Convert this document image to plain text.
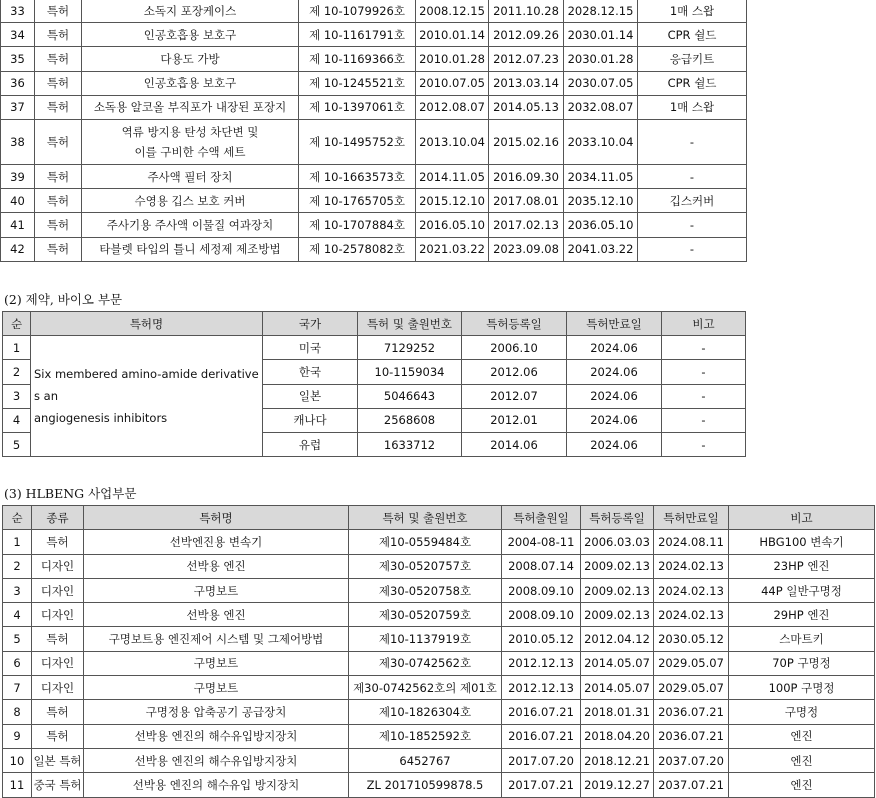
33	특허	소독지 포장케이스	제 10-1079926호	2008.12.15	2011.10.28	2028.12.15	1매 스왑
34	특허	인공호흡용 보호구	제 10-1161791호	2010.01.14	2012.09.26	2030.01.14	CPR 쉴드
35	특허	다용도 가방	제 10-1169366호	2010.01.28	2012.07.23	2030.01.28	응급키트
36	특허	인공호흡용 보호구	제 10-1245521호	2010.07.05	2013.03.14	2030.07.05	CPR 쉴드
37	특허	소독용 알코올 부직포가 내장된 포장지	제 10-1397061호	2012.08.07	2014.05.13	2032.08.07	1매 스왑
38	특허	역류 방지용 탄성 차단변 및
이를 구비한 수액 세트	제 10-1495752호	2013.10.04	2015.02.16	2033.10.04	-
39	특허	주사액 필터 장치	제 10-1663573호	2014.11.05	2016.09.30	2034.11.05	-
40	특허	수영용 깁스 보호 커버	제 10-1765705호	2015.12.10	2017.08.01	2035.12.10	깁스커버
41	특허	주사기용 주사액 이물질 여과장치	제 10-1707884호	2016.05.10	2017.02.13	2036.05.10	-
42	특허	타블렛 타입의 틀니 세정제 제조방법	제 10-2578082호	2021.03.22	2023.09.08	2041.03.22	-
(2) 제약, 바이오 부문
순	특허명	국가	특허 및 출원번호	특허등록일	특허만료일	비고
1	Six membered amino-amide derivative
s an
angiogenesis inhibitors	미국	7129252	2006.10	2024.06	-
2		한국	10-1159034	2012.06	2024.06	-
3		일본	5046643	2012.07	2024.06	-
4		캐나다	2568608	2012.01	2024.06	-
5		유럽	1633712	2014.06	2024.06	-
(3) HLBENG 사업부문
순	종류	특허명	특허 및 출원번호	특허출원일	특허등록일	특허만료일	비고
1	특허	선박엔진용 변속기	제10-0559484호	2004-08-11	2006.03.03	2024.08.11	HBG100 변속기
2	디자인	선박용 엔진	제30-0520757호	2008.07.14	2009.02.13	2024.02.13	23HP 엔진
3	디자인	구명보트	제30-0520758호	2008.09.10	2009.02.13	2024.02.13	44P 일반구명정
4	디자인	선박용 엔진	제30-0520759호	2008.09.10	2009.02.13	2024.02.13	29HP 엔진
5	특허	구명보트용 엔진제어 시스템 및 그제어방법	제10-1137919호	2010.05.12	2012.04.12	2030.05.12	스마트키
6	디자인	구명보트	제30-0742562호	2012.12.13	2014.05.07	2029.05.07	70P 구명정
7	디자인	구명보트	제30-0742562호의 제01호	2012.12.13	2014.05.07	2029.05.07	100P 구명정
8	특허	구명정용 압축공기 공급장치	제10-1826304호	2016.07.21	2018.01.31	2036.07.21	구명정
9	특허	선박용 엔진의 해수유입방지장치	제10-1852592호	2016.07.21	2018.04.20	2036.07.21	엔진
10	일본 특허	선박용 엔진의 해수유입방지장치	6452767	2017.07.20	2018.12.21	2037.07.20	엔진
11	중국 특허	선박용 엔진의 해수유입 방지장치	ZL 201710599878.5	2017.07.21	2019.12.27	2037.07.21	엔진
